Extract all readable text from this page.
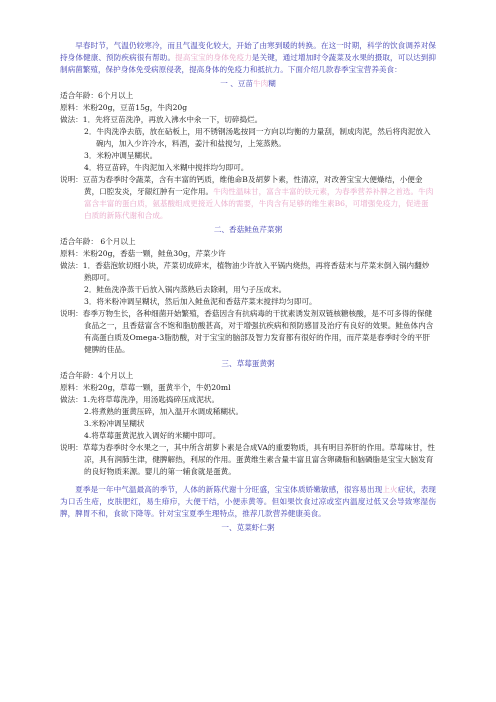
早春时节，气温仍较寒冷，而且气温变化较大，开始了由寒到暖的转换。在这一时期，科学的饮食调养对保持身体健康、预防疾病很有帮助。提高宝宝的身体免疫力是关键，通过增加时令蔬菜及水果的摄取，可以达到抑制病菌繁殖，保护身体免受病原侵袭，提高身体的免疫力和抵抗力。下面介绍几款春季宝宝营养美食：
一 、豆苗牛肉糊
适合年龄：6个月以上
原料：米粉20g，豆苗15g，牛肉20g
做法：1．先将豆苗洗净，再放入沸水中氽一下，切碎捣烂。
2．牛肉洗净去筋，放在砧板上，用不锈钢汤匙按同一方向以均衡的力量刮，制成肉泥，然后将肉泥放入碗内，加入少许冷水，料酒，姜汁和盐搅匀，上笼蒸熟。
3．米粉冲调呈糊状。
4．将豆苗碎，牛肉泥加入米糊中搅拌均匀即可。
说明：豆苗为春季时令蔬菜，含有丰富的钙质，维他命B及胡萝卜素，性清凉，对改善宝宝大便燥结，小便金黄，口腔发炎，牙龈红肿有一定作用。牛肉性温味甘，富含丰富的铁元素，为春季营养补脾之首选。牛肉富含丰富的蛋白质，氨基酸组成更接近人体的需要，牛肉含有足够的维生素B6，可增强免疫力，促进蛋白质的新陈代谢和合成。
二、香菇鲑鱼芹菜粥
适合年龄： 6个月以上
原料：米粉20g，香菇一颗，鲑鱼30g，芹菜少许
做法：1．香菇泡软切细小块，芹菜切成碎末，植物油少许放入平锅内烧热，再将香菇末与芹菜末倒入锅内翻炒熟即可。
2．鲑鱼洗净蒸干后放入锅内蒸熟后去除刺，用勺子压成末。
3．将米粉冲调呈糊状，然后加入鲑鱼泥和香菇芹菜末搅拌均匀即可。
说明：春季万物生长，各种细菌开始繁殖，香菇因含有抗病毒的干扰素诱发剂双链核糖核酸，是不可多得的保健食品之一，且香菇富含不饱和脂肪酸甚高，对于增强抗疾病和预防感冒及治疗有良好的效果。鲑鱼体内含有高蛋白质及Omega-3脂肪酸，对于宝宝的脑部及智力发育都有很好的作用，而芹菜是春季时令的平肝健脾的佳品。
三、草莓蛋黄粥
适合年龄：4个月以上
原料：米粉20g，草莓一颗，蛋黄半个，牛奶20ml
做法：1.先将草莓洗净，用汤匙捣碎压成泥状。
2.将煮熟的蛋黄压碎，加入温开水调成稀糊状。
3.米粉冲调呈糊状
4.将草莓蛋黄泥放入调好的米糊中即可。
说明：草莓为春季时令水果之一，其中所含胡萝卜素是合成VA的重要物质，具有明目养肝的作用。草莓味甘，性凉，具有润肺生津，健脾解热，利尿的作用。蛋黄维生素含量丰富且富含卵磷脂和脑磷脂是宝宝大脑发育的良好物质来源。婴儿的第一辅食就是蛋黄。
夏季是一年中气温最高的季节，人体的新陈代谢十分旺盛，宝宝体质娇嫩敏感，很容易出现上火症状，表现为口舌生疮，皮肤肥红，易生痱疖，大便干结，小便赤黄等。但如果饮食过凉或室内温度过低又会导致寒湿伤脾，脾胃不和，食欲下降等。针对宝宝夏季生理特点，推荐几款营养健康美食。
一、苋菜虾仁粥
